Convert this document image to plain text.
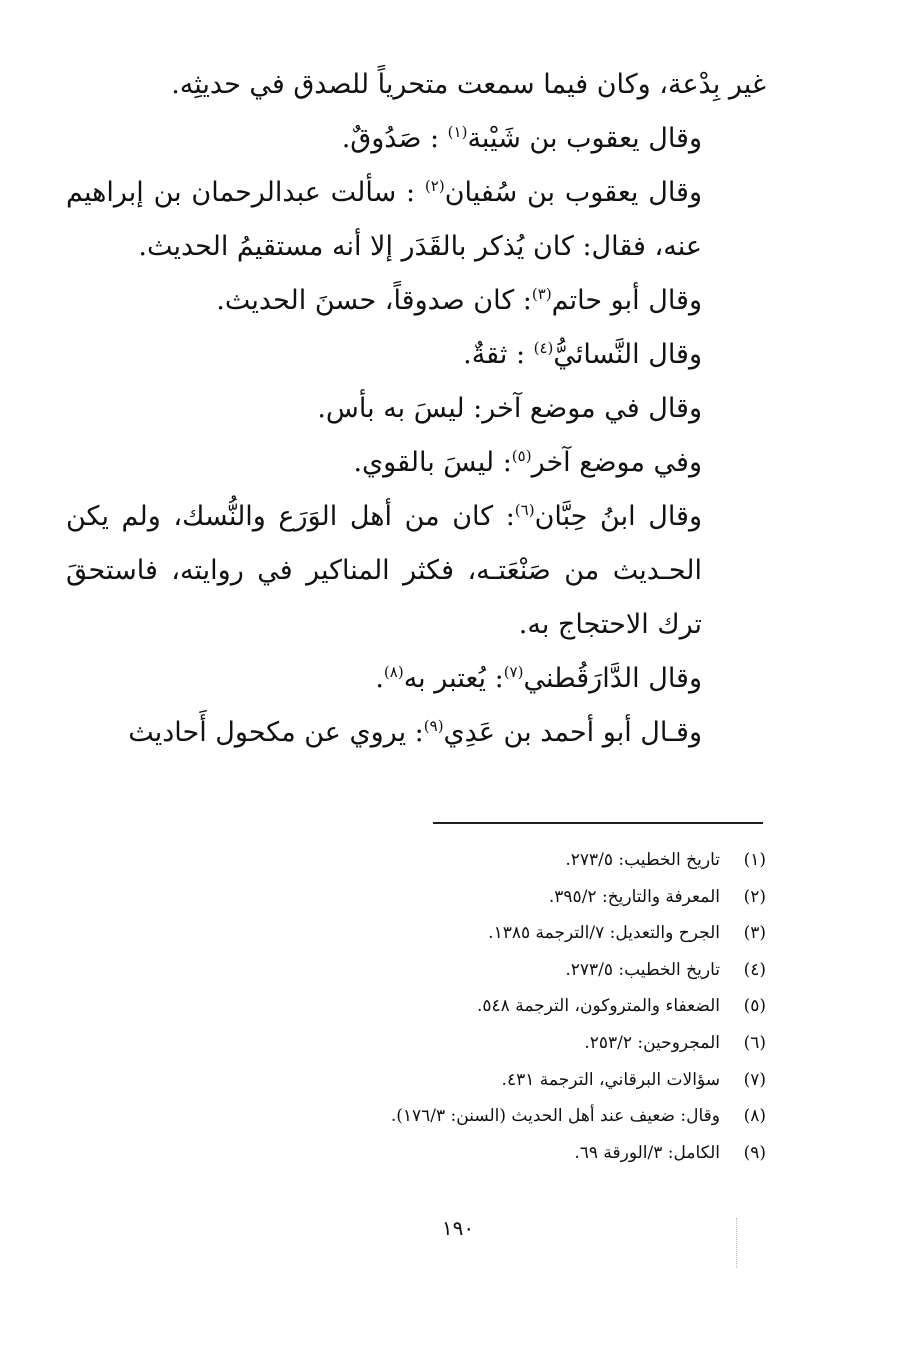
غير بِدْعة، وكان فيما سمعت متحرياً للصدق في حديثِه.

وقال يعقوب بن شَيْبة$^{(١)}$ : صَدُوقٌ.

وقال يعقوب بن سُفيان$^{(٢)}$ : سألت عبدالرحمان بن إبراهيم عنه، فقال: كان يُذكر بالقَدَر إلا أنه مستقيمُ الحديث.

وقال أبو حاتم$^{(٣)}$: كان صدوقاً، حسنَ الحديث.

وقال النَّسائيُّ$^{(٤)}$ : ثقةٌ.

وقال في موضع آخر: ليسَ به بأس.

وفي موضع آخر$^{(٥)}$: ليسَ بالقوي.

وقال ابنُ حِبَّان$^{(٦)}$: كان من أهل الوَرَع والنُّسك، ولم يكن الحـديث من صَنْعَتـه، فكثر المناكير في روايته، فاستحقَ ترك الاحتجاج به.

وقال الدَّارَقُطني$^{(٧)}$: يُعتبر به$^{(٨)}$.

وقـال أبو أحمد بن عَدِي$^{(٩)}$: يروي عن مكحول أَحاديث

(١)تاريخ الخطيب: ٢٧٣/٥.
(٢)المعرفة والتاريخ: ٣٩٥/٢.
(٣)الجرح والتعديل: ٧/الترجمة ١٣٨٥.
(٤)تاريخ الخطيب: ٢٧٣/٥.
(٥)الضعفاء والمتروكون، الترجمة ٥٤٨.
(٦)المجروحين: ٢٥٣/٢.
(٧)سؤالات البرقاني، الترجمة ٤٣١.
(٨)وقال: ضعيف عند أهل الحديث (السنن: ١٧٦/٣).
(٩)الكامل: ٣/الورقة ٦٩.
١٩٠
